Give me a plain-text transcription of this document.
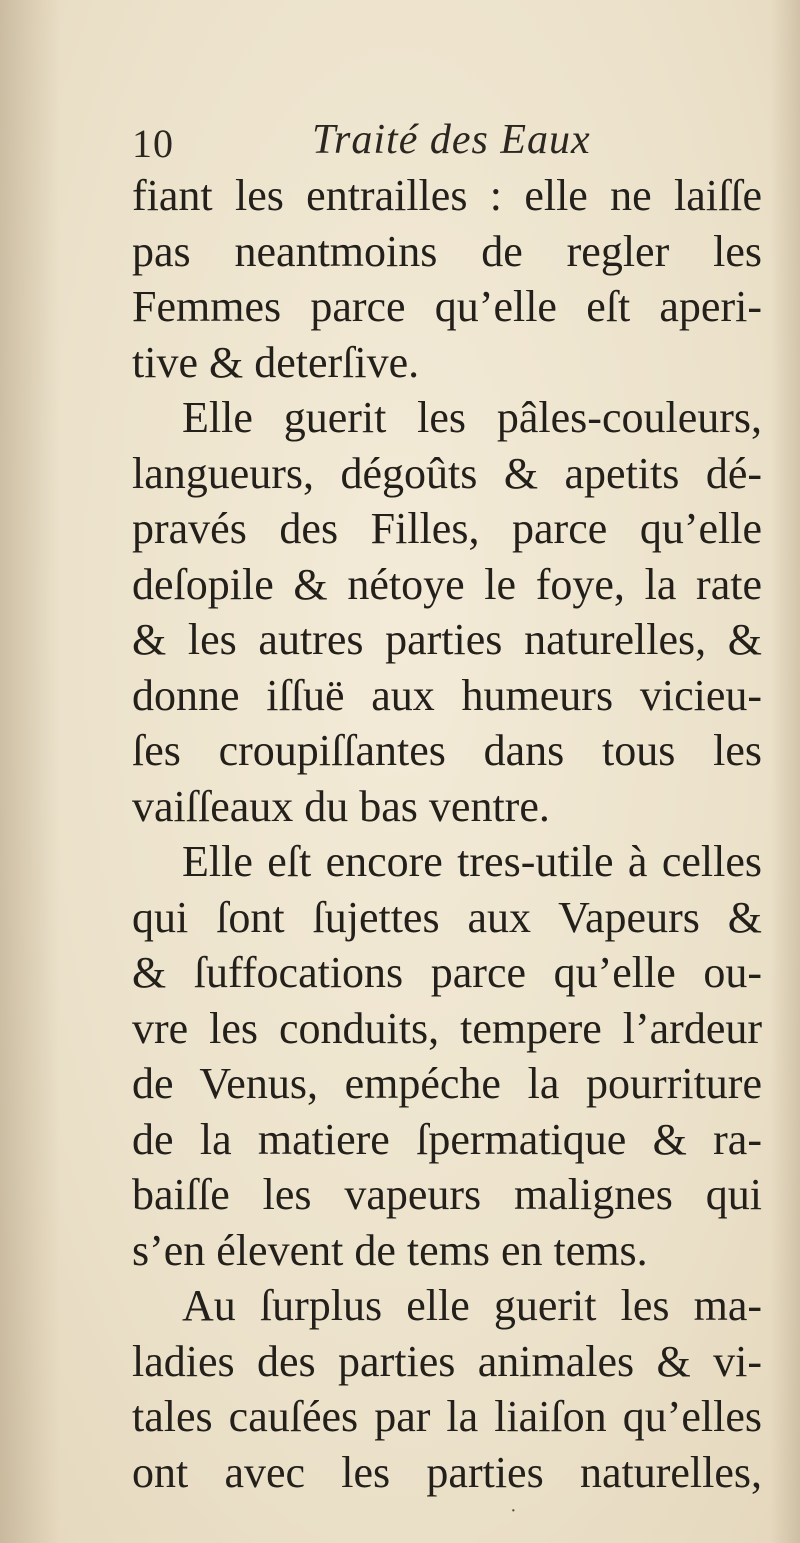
10	Traité des Eaux
fiant les entrailles : elle ne laiſſe
pas neantmoins de regler les
Femmes parce qu’elle eſt aperi-
tive & deterſive.
Elle guerit les pâles-couleurs,
langueurs, dégoûts & apetits dé-
pravés des Filles, parce qu’elle
deſopile & nétoye le foye, la rate
& les autres parties naturelles, &
donne iſſuë aux humeurs vicieu-
ſes croupiſſantes dans tous les
vaiſſeaux du bas ventre.
Elle eſt encore tres-utile à celles
qui ſont ſujettes aux Vapeurs &
& ſuffocations parce qu’elle ou-
vre les conduits, tempere l’ardeur
de Venus, empéche la pourriture
de la matiere ſpermatique & ra-
baiſſe les vapeurs malignes qui
s’en élevent de tems en tems.
Au ſurplus elle guerit les ma-
ladies des parties animales & vi-
tales cauſées par la liaiſon qu’elles
ont avec les parties naturelles,
·
